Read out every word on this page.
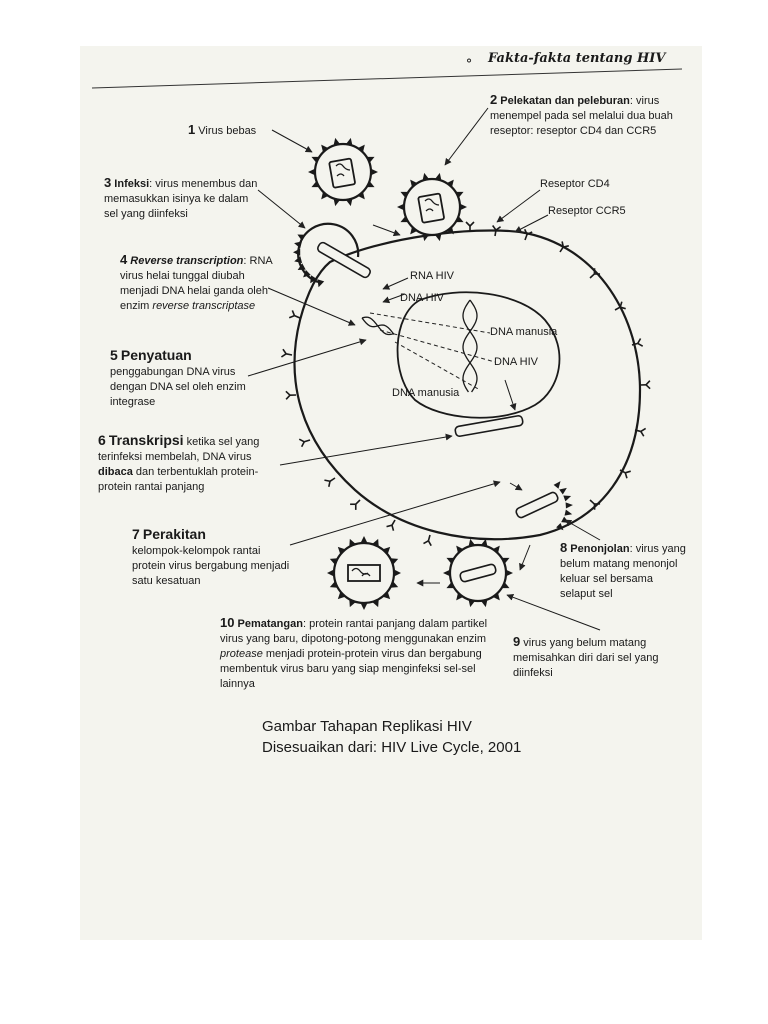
Fakta-fakta tentang HIV
⚬
1 Virus bebas
2 Pelekatan dan peleburan: virus menempel pada sel melalui dua buah reseptor: reseptor CD4 dan CCR5
3 Infeksi: virus menembus dan memasukkan isinya ke dalam sel yang diinfeksi
4 Reverse transcription: RNA virus helai tunggal diubah menjadi DNA helai ganda oleh enzim reverse transcriptase
5 Penyatuan
penggabungan DNA virus dengan DNA sel oleh enzim integrase
6 Transkripsi ketika sel yang terinfeksi membelah, DNA virus dibaca dan terbentuklah protein-protein rantai panjang
7 Perakitan
kelompok-kelompok rantai protein virus bergabung menjadi satu kesatuan
8 Penonjolan: virus yang belum matang menonjol keluar sel bersama selaput sel
9 virus yang belum matang memisahkan diri dari sel yang diinfeksi
10 Pematangan: protein rantai panjang dalam partikel virus yang baru, dipotong-potong menggunakan enzim protease menjadi protein-protein virus dan bergabung membentuk virus baru yang siap menginfeksi sel-sel lainnya
Reseptor CD4
Reseptor CCR5
RNA HIV
DNA HIV
DNA manusia
DNA HIV
DNA manusia
Gambar Tahapan Replikasi HIV
Disesuaikan dari: HIV Live Cycle, 2001
